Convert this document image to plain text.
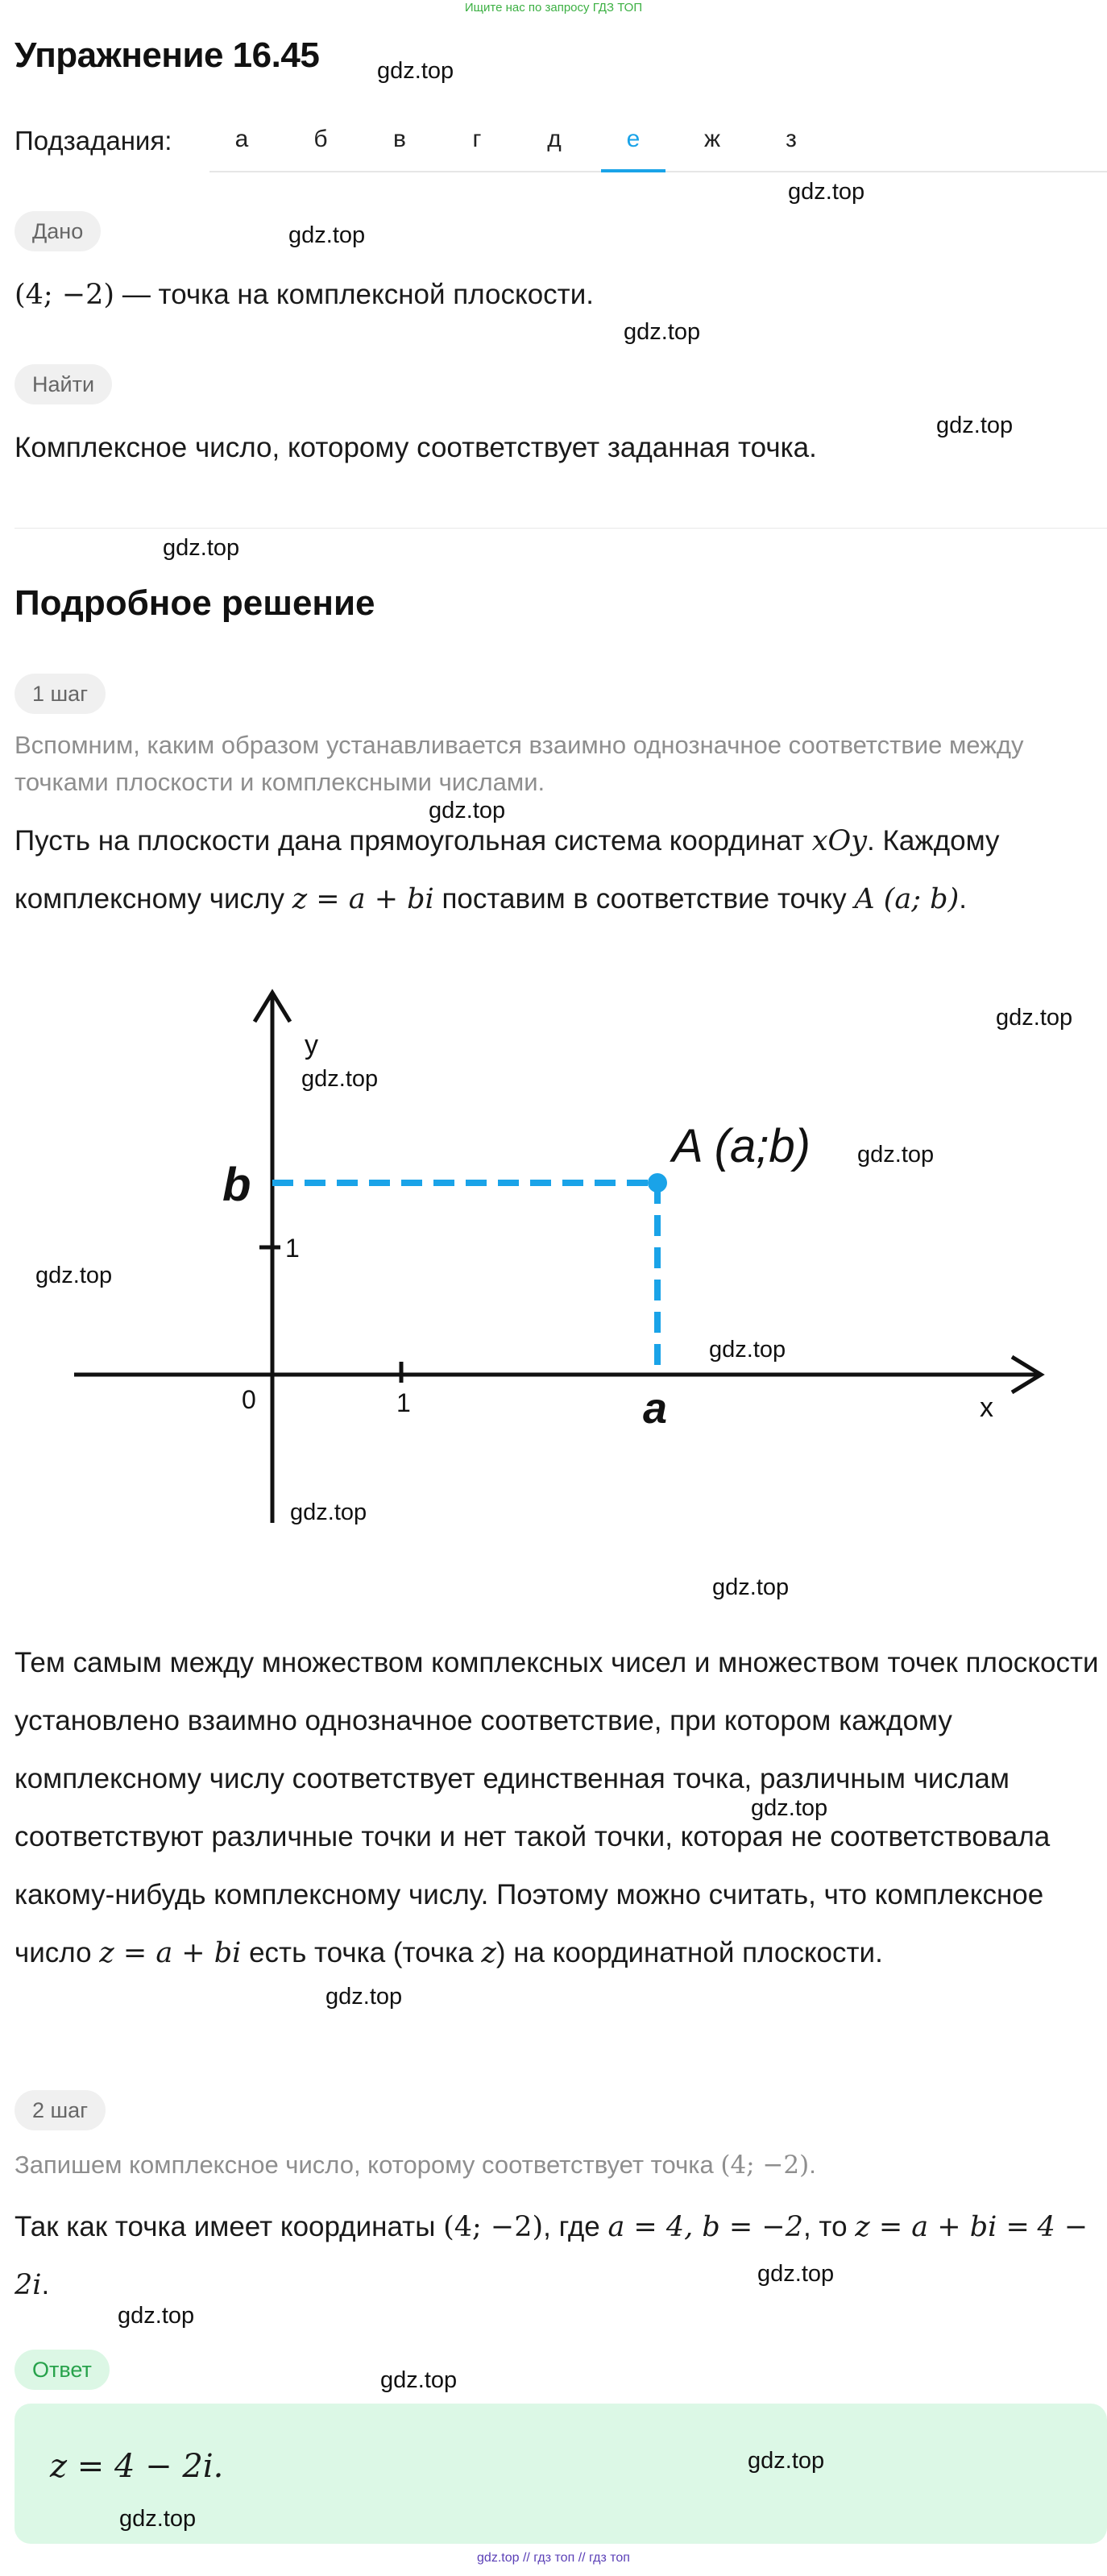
Ищите нас по запросу ГДЗ ТОП
Упражнение 16.45 gdz.top
Подзадания:	а	б	в	г	д	е	ж	з
gdz.top
Дано	gdz.top
(4; −2) — точка на комплексной плоскости.
gdz.top
Найти
gdz.top
Комплексное число, которому соответствует заданная точка.
gdz.top
Подробное решение
1 шаг
Вспомним, каким образом устанавливается взаимно однозначное соответствие между точками плоскости и комплексными числами.
gdz.top
Пусть на плоскости дана прямоугольная система координат xOy. Каждому комплексному числу z = a + bi поставим в соответствие точку A (a; b).
y
x
0	1
1
b
a
A (a;b)
gdz.top
gdz.top
gdz.top
gdz.top
gdz.top
gdz.top
gdz.top
Тем самым между множеством комплексных чисел и множеством точек плоскости установлено взаимно однозначное соответствие, при котором каждому комплексному числу соответствует единственная точка, различным числам соответствуют различные точки и нет такой точки, которая не соответствовала какому-нибудь комплексному числу. Поэтому можно считать, что комплексное число z = a + bi есть точка (точка z) на координатной плоскости.
gdz.top
gdz.top
2 шаг
Запишем комплексное число, которому соответствует точка (4; −2).
Так как точка имеет координаты (4; −2), где a = 4, b = −2, то z = a + bi = 4 − 2i.	gdz.top
gdz.top
Ответ	gdz.top
z = 4 − 2i.	gdz.top
gdz.top
gdz.top // гдз топ // гдз топ
